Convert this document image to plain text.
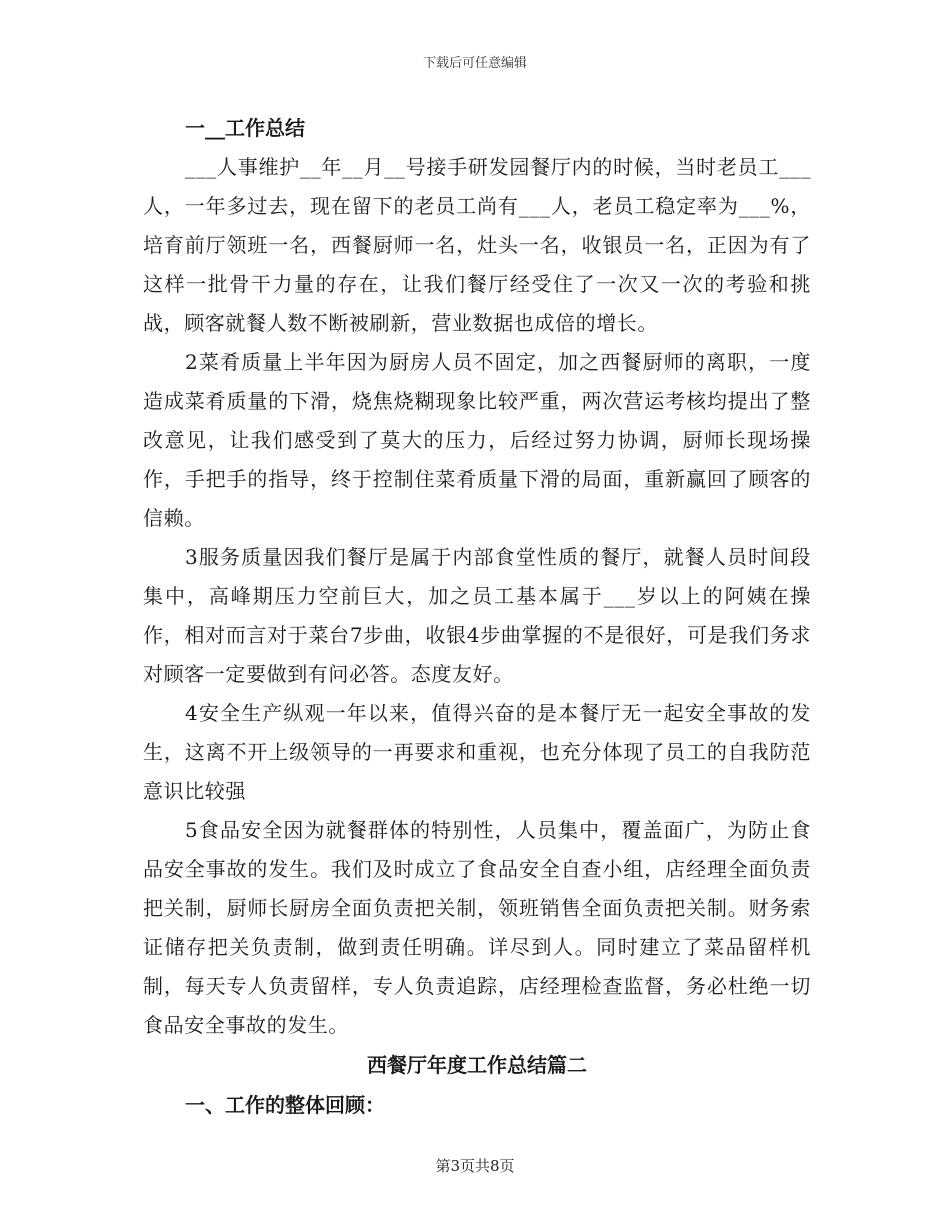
下载后可任意编辑

一__工作总结

___人事维护__年__月__号接手研发园餐厅内的时候，当时老员工___人，一年多过去，现在留下的老员工尚有___人，老员工稳定率为___%，培育前厅领班一名，西餐厨师一名，灶头一名，收银员一名，正因为有了这样一批骨干力量的存在，让我们餐厅经受住了一次又一次的考验和挑战，顾客就餐人数不断被刷新，营业数据也成倍的增长。

2菜肴质量上半年因为厨房人员不固定，加之西餐厨师的离职，一度造成菜肴质量的下滑，烧焦烧糊现象比较严重，两次营运考核均提出了整改意见，让我们感受到了莫大的压力，后经过努力协调，厨师长现场操作，手把手的指导，终于控制住菜肴质量下滑的局面，重新赢回了顾客的信赖。

3服务质量因我们餐厅是属于内部食堂性质的餐厅，就餐人员时间段集中，高峰期压力空前巨大，加之员工基本属于___岁以上的阿姨在操作，相对而言对于菜台7步曲，收银4步曲掌握的不是很好，可是我们务求对顾客一定要做到有问必答。态度友好。

4安全生产纵观一年以来，值得兴奋的是本餐厅无一起安全事故的发生，这离不开上级领导的一再要求和重视，也充分体现了员工的自我防范意识比较强

5食品安全因为就餐群体的特别性，人员集中，覆盖面广，为防止食品安全事故的发生。我们及时成立了食品安全自查小组，店经理全面负责把关制，厨师长厨房全面负责把关制，领班销售全面负责把关制。财务索证储存把关负责制，做到责任明确。详尽到人。同时建立了菜品留样机制，每天专人负责留样，专人负责追踪，店经理检查监督，务必杜绝一切食品安全事故的发生。

西餐厅年度工作总结篇二

一、工作的整体回顾：

第3页共8页
